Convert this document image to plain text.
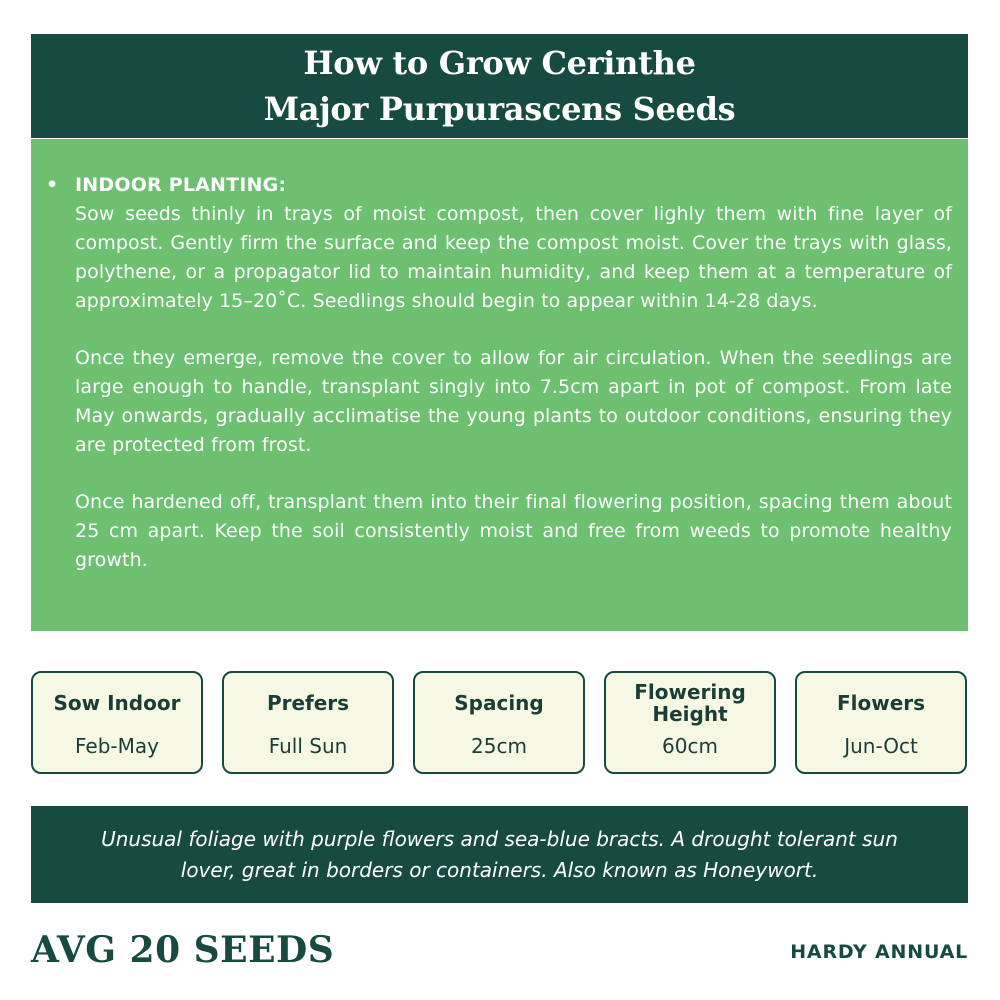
How to Grow Cerinthe
Major Purpurascens Seeds
• INDOOR PLANTING:

Sow seeds thinly in trays of moist compost, then cover lighly them with fine layer of compost. Gently firm the surface and keep the compost moist. Cover the trays with glass, polythene, or a propagator lid to maintain humidity, and keep them at a temperature of approximately 15–20˚C. Seedlings should begin to appear within 14-28 days.

Once they emerge, remove the cover to allow for air circulation. When the seedlings are large enough to handle, transplant singly into 7.5cm apart in pot of compost. From late May onwards, gradually acclimatise the young plants to outdoor conditions, ensuring they are protected from frost.

Once hardened off, transplant them into their final flowering position, spacing them about 25 cm apart. Keep the soil consistently moist and free from weeds to promote healthy growth.

Sow Indoor
Feb-May
Prefers
Full Sun
Spacing
25cm
Flowering Height
60cm
Flowers
Jun-Oct

Unusual foliage with purple flowers and sea-blue bracts. A drought tolerant sun lover, great in borders or containers. Also known as Honeywort.

AVG 20 SEEDS	HARDY ANNUAL
